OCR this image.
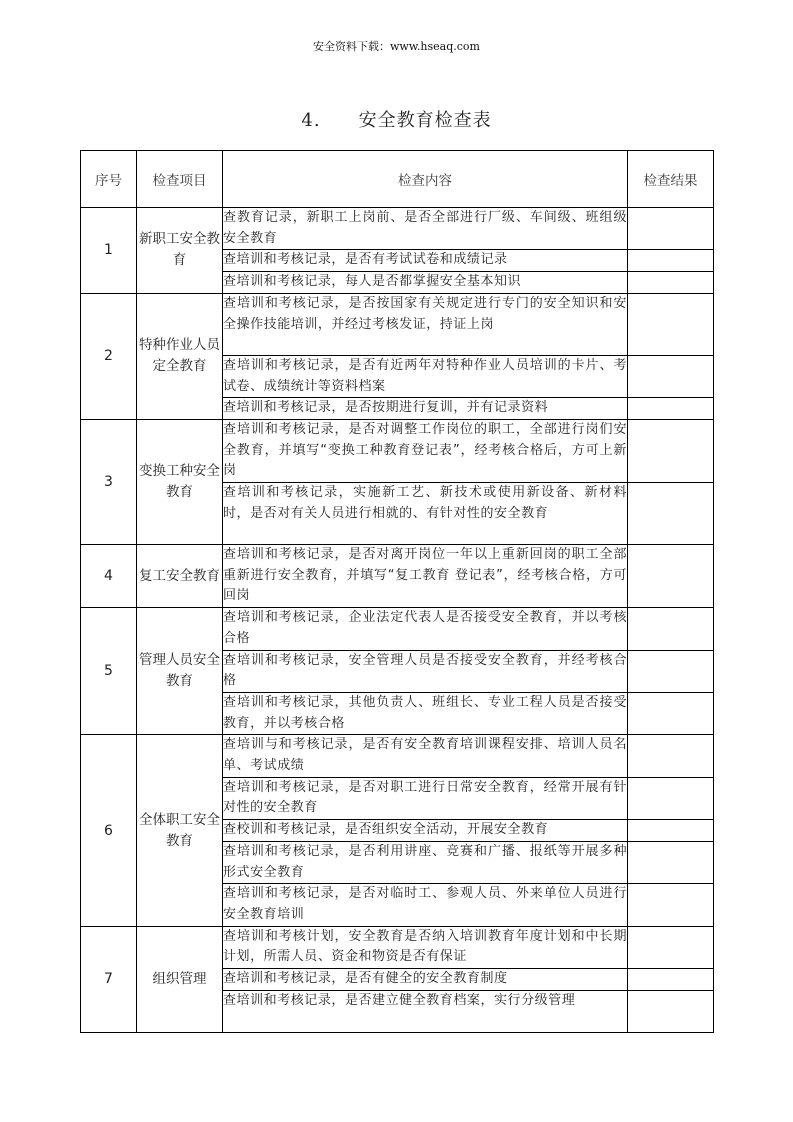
安全资料下载：www.hseaq.com
4. 安全教育检查表
序号	检查项目	检查内容	检查结果
1	新职工安全教育	查教育记录，新职工上岗前、是否全部进行厂级、车间级、班组级安全教育	
		查培训和考核记录，是否有考试试卷和成绩记录	
		查培训和考核记录，每人是否都掌握安全基本知识	
2	特种作业人员定全教育	查培训和考核记录，是否按国家有关规定进行专门的安全知识和安全操作技能培训，并经过考核发证，持证上岗	
		查培训和考核记录，是否有近两年对特种作业人员培训的卡片、考试卷、成绩统计等资料档案	
		查培训和考核记录，是否按期进行复训，并有记录资料	
3	变换工种安全教育	查培训和考核记录，是否对调整工作岗位的职工，全部进行岗们安全教育，并填写“变换工种教育登记表”，经考核合格后，方可上新岗	
		查培训和考核记录，实施新工艺、新技术或使用新设备、新材料时，是否对有关人员进行相就的、有针对性的安全教育	
4	复工安全教育	查培训和考核记录，是否对离开岗位一年以上重新回岗的职工全部重新进行安全教育，并填写“复工教育 登记表”，经考核合格，方可回岗	
5	管理人员安全教育	查培训和考核记录，企业法定代表人是否接受安全教育，并以考核合格	
		查培训和考核记录，安全管理人员是否接受安全教育，并经考核合格	
		查培训和考核记录，其他负责人、班组长、专业工程人员是否接受教育，并以考核合格	
6	全体职工安全教育	查培训与和考核记录，是否有安全教育培训课程安排、培训人员名单、考试成绩	
		查培训和考核记录，是否对职工进行日常安全教育，经常开展有针对性的安全教育	
		查校训和考核记录，是否组织安全活动，开展安全教育	
		查培训和考核记录，是否利用讲座、竞赛和广播、报纸等开展多种形式安全教育	
		查培训和考核记录，是否对临时工、参观人员、外来单位人员进行安全教育培训	
7	组织管理	查培训和考核计划，安全教育是否纳入培训教育年度计划和中长期计划，所需人员、资金和物资是否有保证	
		查培训和考核记录，是否有健全的安全教育制度	
		查培训和考核记录，是否建立健全教育档案，实行分级管理	
